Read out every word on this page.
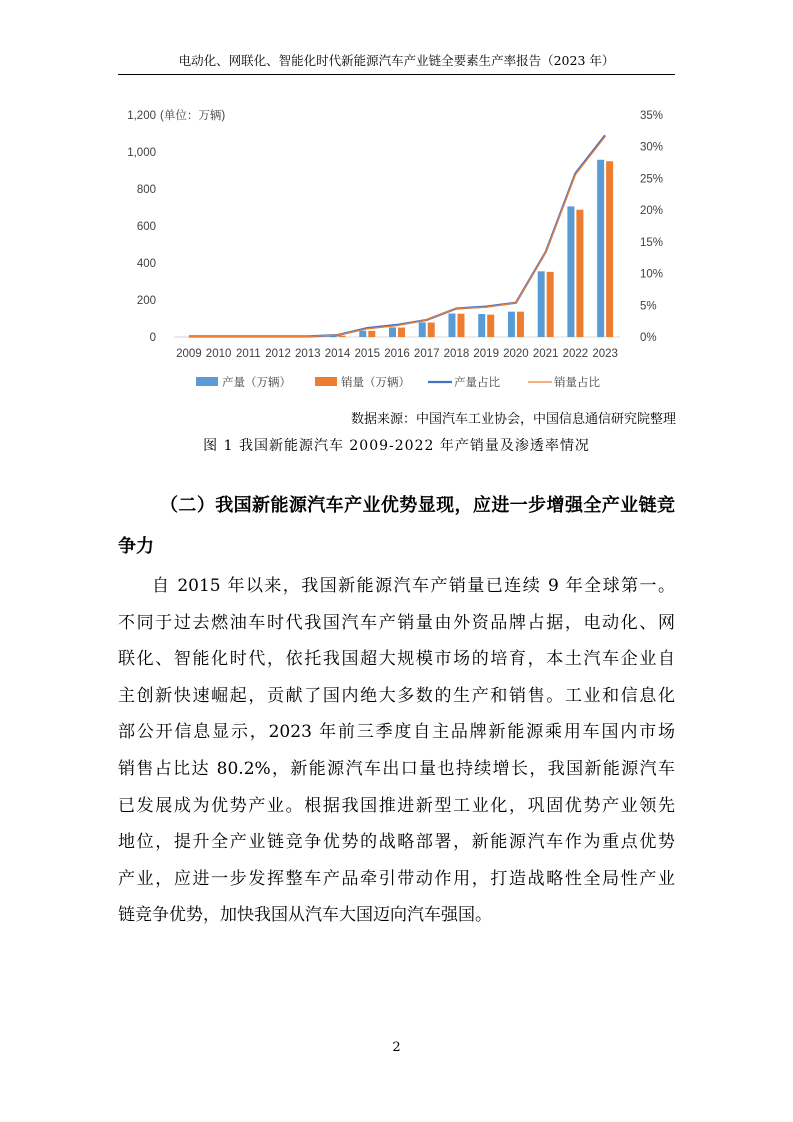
电动化、网联化、智能化时代新能源汽车产业链全要素生产率报告（2023 年）
0
200
400
600
800
1,000
1,200 (单位：万辆)
0%
5%
10%
15%
20%
25%
30%
35%
2009 2010 2011 2012 2013 2014 2015 2016 2017 2018 2019 2020 2021 2022 2023
产量（万辆）	销量（万辆）	产量占比	销量占比
数据来源：中国汽车工业协会，中国信息通信研究院整理
图 1 我国新能源汽车 2009-2022 年产销量及渗透率情况
（二）我国新能源汽车产业优势显现，应进一步增强全产业链竞
争力
自 2015 年以来，我国新能源汽车产销量已连续 9 年全球第一。
不同于过去燃油车时代我国汽车产销量由外资品牌占据，电动化、网
联化、智能化时代，依托我国超大规模市场的培育，本土汽车企业自
主创新快速崛起，贡献了国内绝大多数的生产和销售。工业和信息化
部公开信息显示，2023 年前三季度自主品牌新能源乘用车国内市场
销售占比达 80.2%，新能源汽车出口量也持续增长，我国新能源汽车
已发展成为优势产业。根据我国推进新型工业化，巩固优势产业领先
地位，提升全产业链竞争优势的战略部署，新能源汽车作为重点优势
产业，应进一步发挥整车产品牵引带动作用，打造战略性全局性产业
链竞争优势，加快我国从汽车大国迈向汽车强国。
2
